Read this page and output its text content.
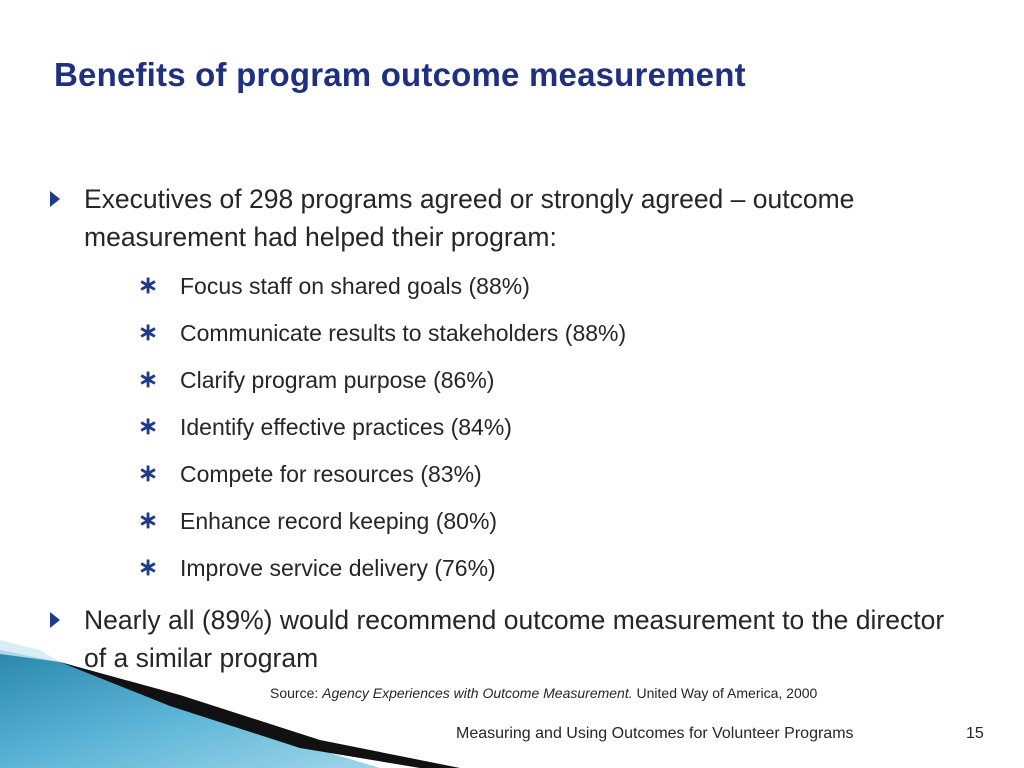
Benefits of program outcome measurement
Executives of 298 programs agreed or strongly agreed – outcome measurement had helped their program:
∗ Focus staff on shared goals (88%)
∗ Communicate results to stakeholders (88%)
∗ Clarify program purpose (86%)
∗ Identify effective practices (84%)
∗ Compete for resources (83%)
∗ Enhance record keeping (80%)
∗ Improve service delivery (76%)
Nearly all (89%) would recommend outcome measurement to the director of a similar program
Source: Agency Experiences with Outcome Measurement. United Way of America, 2000
Measuring and Using Outcomes for Volunteer Programs	15
